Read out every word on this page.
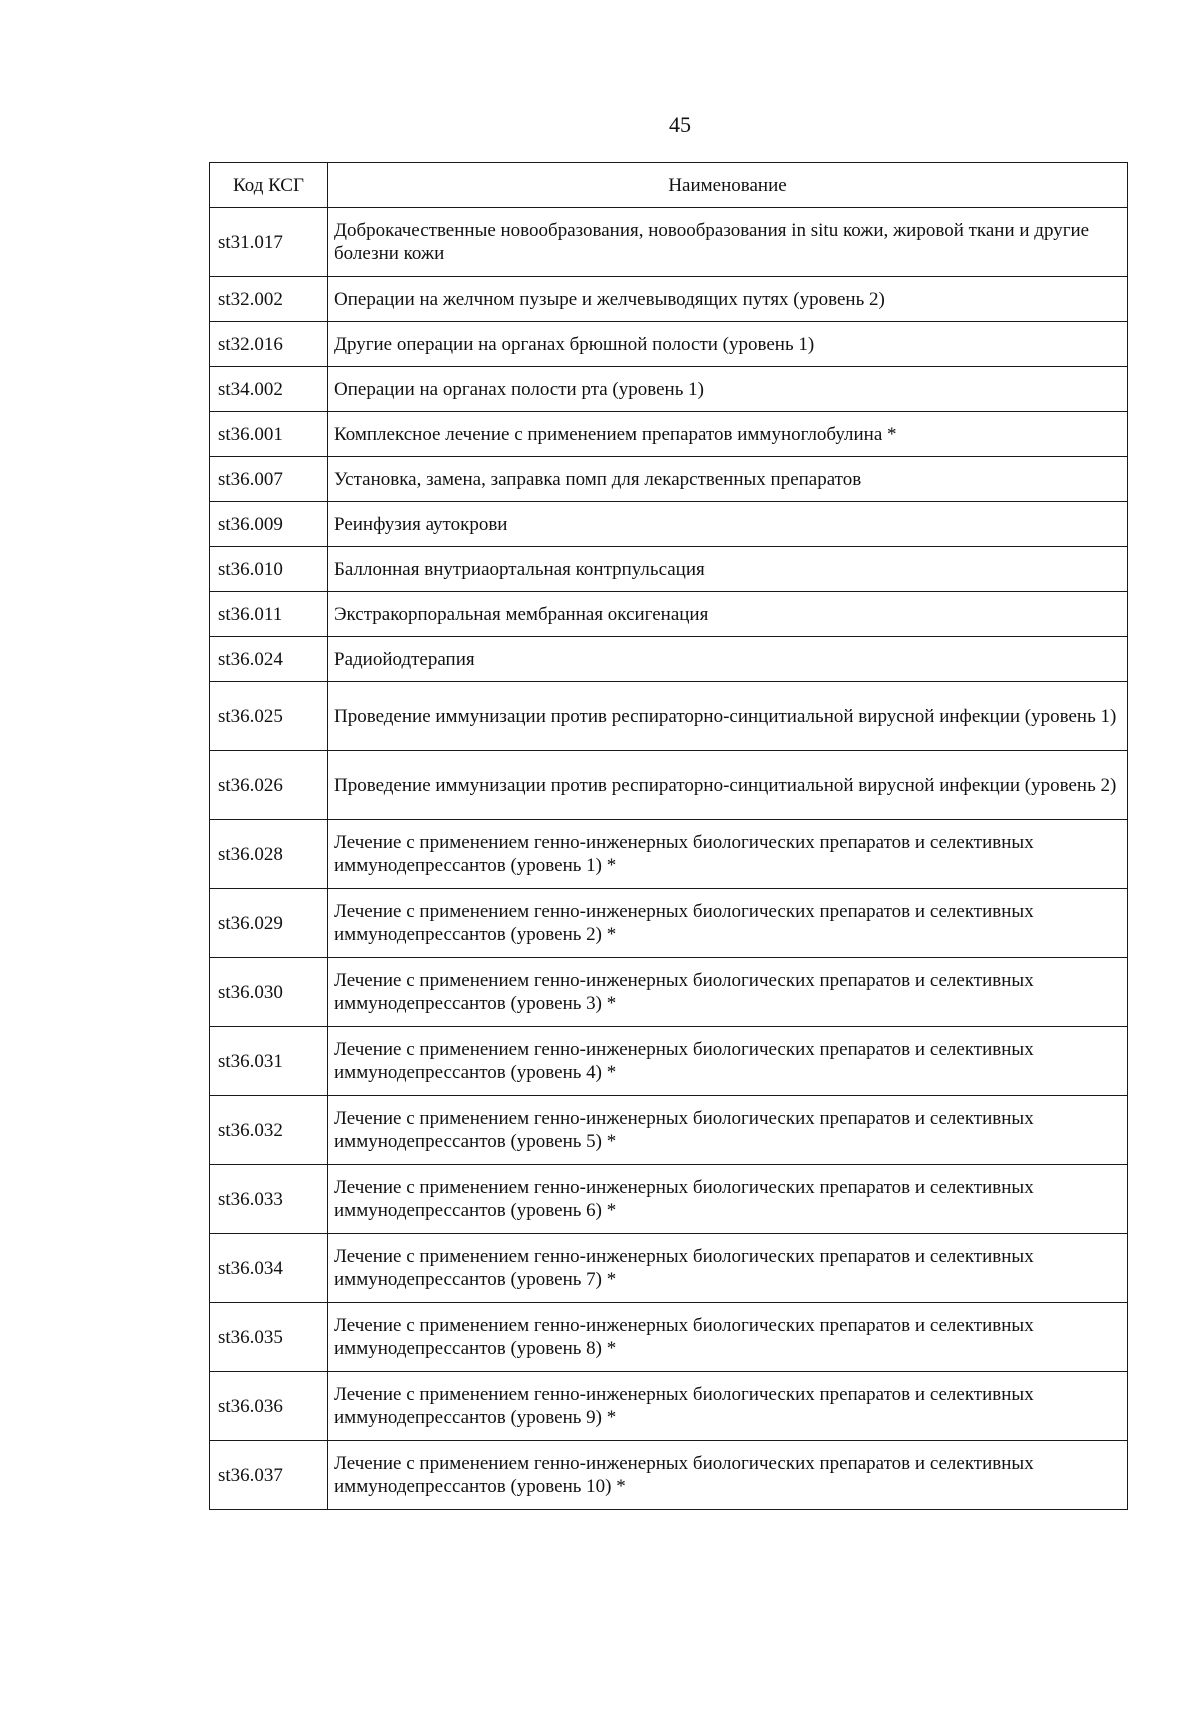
45
Код КСГ	Наименование
st31.017	Доброкачественные новообразования, новообразования in situ кожи, жировой ткани и другие болезни кожи
st32.002	Операции на желчном пузыре и желчевыводящих путях (уровень 2)
st32.016	Другие операции на органах брюшной полости (уровень 1)
st34.002	Операции на органах полости рта (уровень 1)
st36.001	Комплексное лечение с применением препаратов иммуноглобулина *
st36.007	Установка, замена, заправка помп для лекарственных препаратов
st36.009	Реинфузия аутокрови
st36.010	Баллонная внутриаортальная контрпульсация
st36.011	Экстракорпоральная мембранная оксигенация
st36.024	Радиойодтерапия
st36.025	Проведение иммунизации против респираторно-синцитиальной вирусной инфекции (уровень 1)
st36.026	Проведение иммунизации против респираторно-синцитиальной вирусной инфекции (уровень 2)
st36.028	Лечение с применением генно-инженерных биологических препаратов и селективных иммунодепрессантов (уровень 1) *
st36.029	Лечение с применением генно-инженерных биологических препаратов и селективных иммунодепрессантов (уровень 2) *
st36.030	Лечение с применением генно-инженерных биологических препаратов и селективных иммунодепрессантов (уровень 3) *
st36.031	Лечение с применением генно-инженерных биологических препаратов и селективных иммунодепрессантов (уровень 4) *
st36.032	Лечение с применением генно-инженерных биологических препаратов и селективных иммунодепрессантов (уровень 5) *
st36.033	Лечение с применением генно-инженерных биологических препаратов и селективных иммунодепрессантов (уровень 6) *
st36.034	Лечение с применением генно-инженерных биологических препаратов и селективных иммунодепрессантов (уровень 7) *
st36.035	Лечение с применением генно-инженерных биологических препаратов и селективных иммунодепрессантов (уровень 8) *
st36.036	Лечение с применением генно-инженерных биологических препаратов и селективных иммунодепрессантов (уровень 9) *
st36.037	Лечение с применением генно-инженерных биологических препаратов и селективных иммунодепрессантов (уровень 10) *
